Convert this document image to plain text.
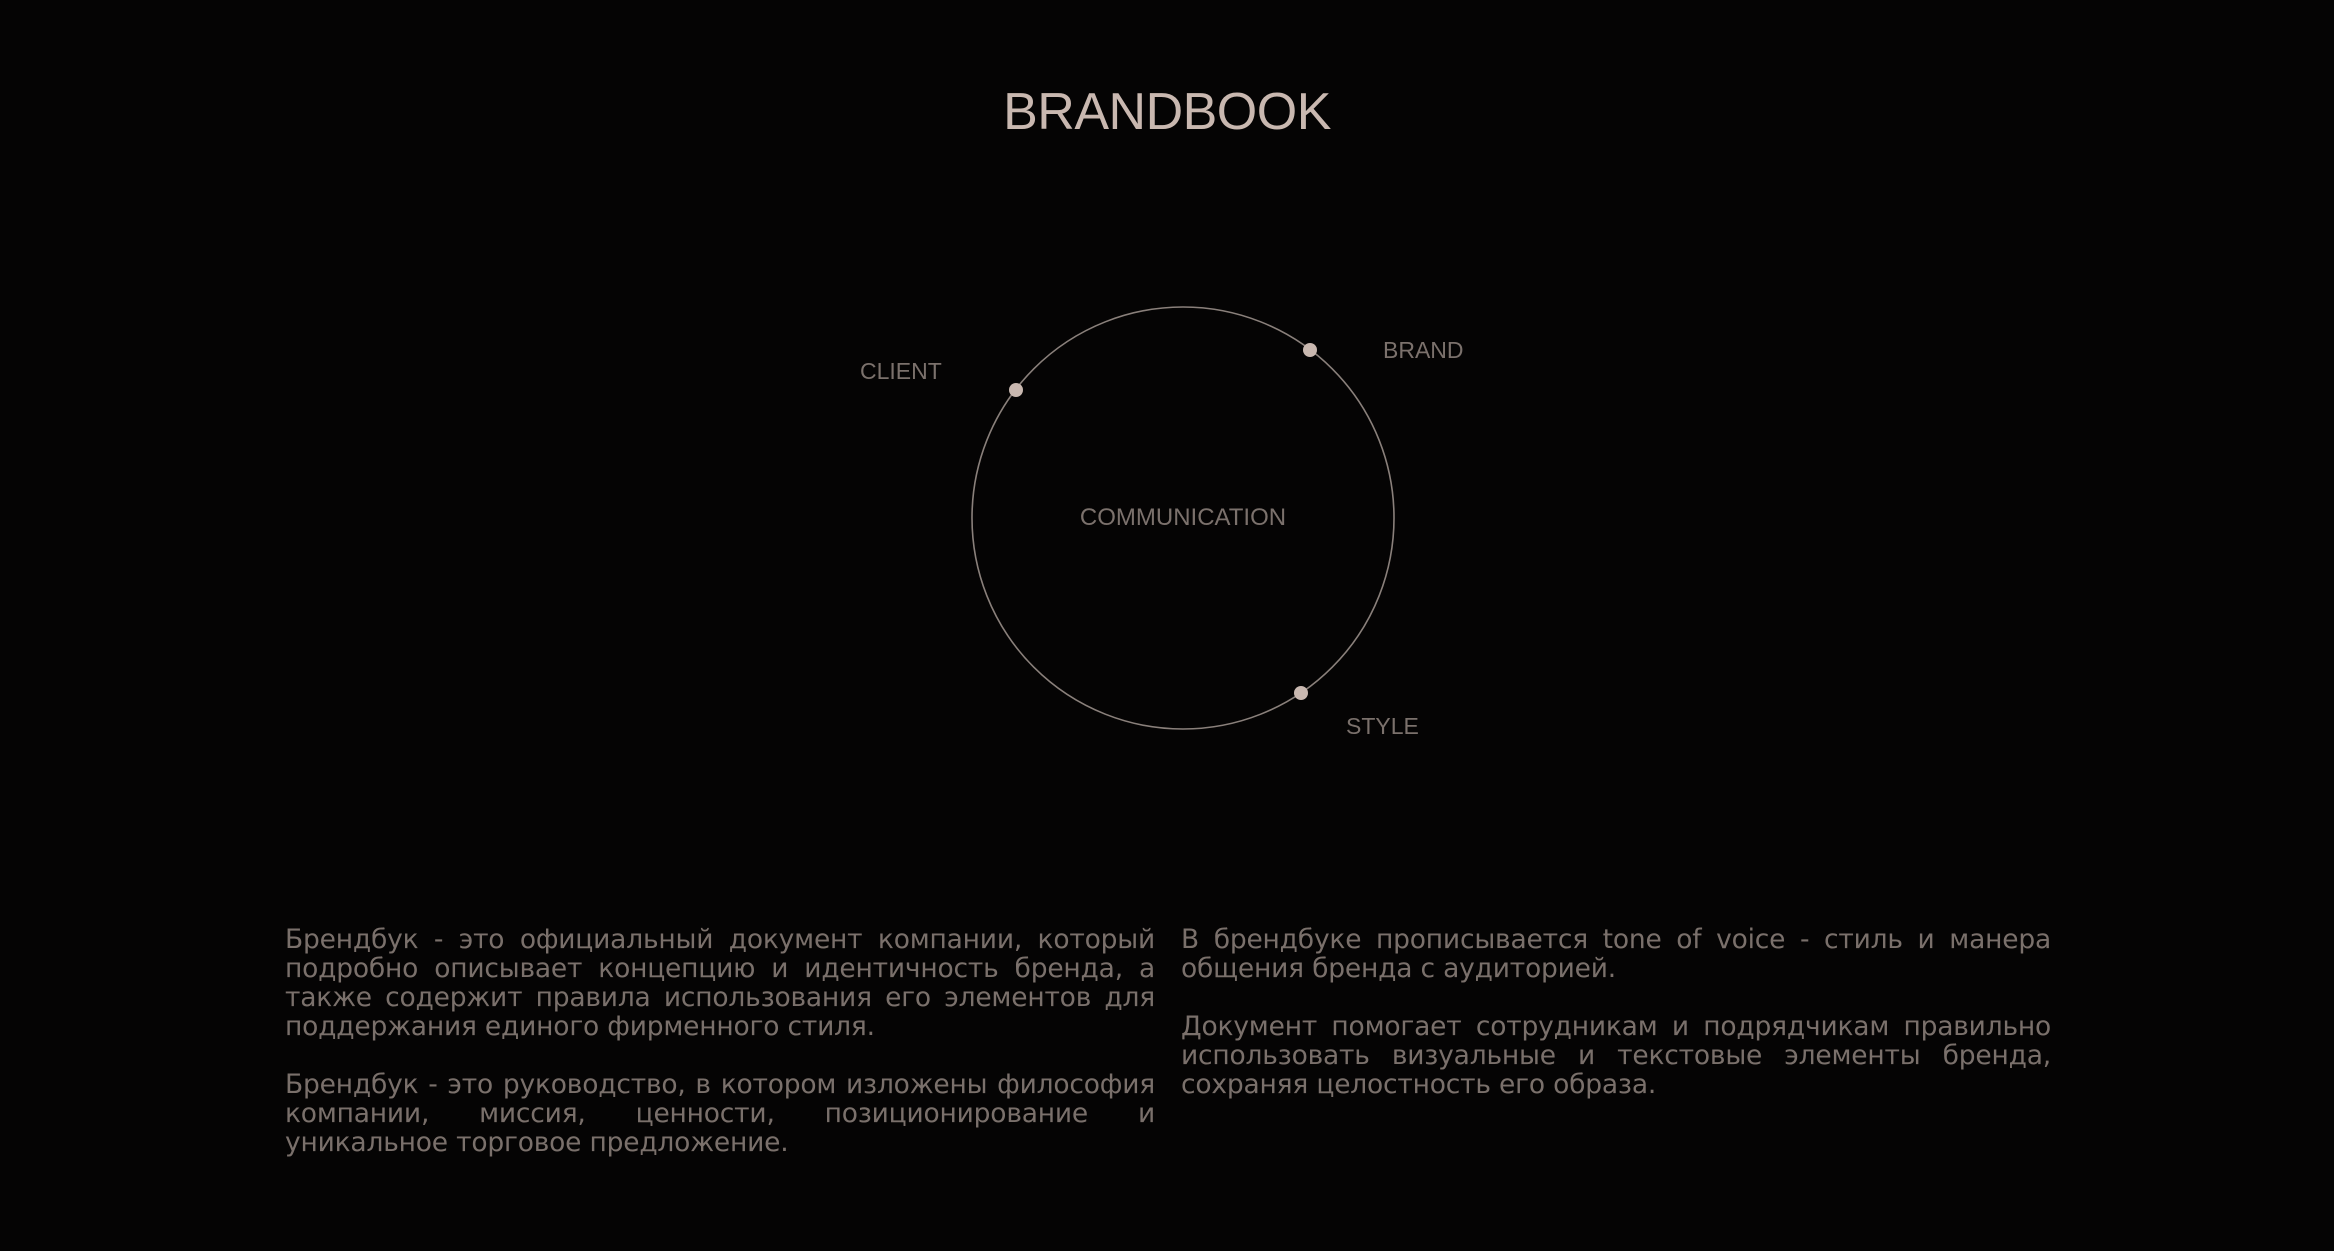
BRANDBOOK
CLIENT
BRAND
STYLE
COMMUNICATION

Брендбук - это официальный документ компании, который подробно описывает концепцию и идентичность бренда, а также содержит правила использования его элементов для поддержания единого фирменного стиля.

Брендбук - это руководство, в котором изложены философия компании, миссия, ценности, позиционирование и уникальное торговое предложение.

В брендбуке прописывается tone of voice - стиль и манера общения бренда с аудиторией.

Документ помогает сотрудникам и подрядчикам правильно использовать визуальные и текстовые элементы бренда, сохраняя целостность его образа.
